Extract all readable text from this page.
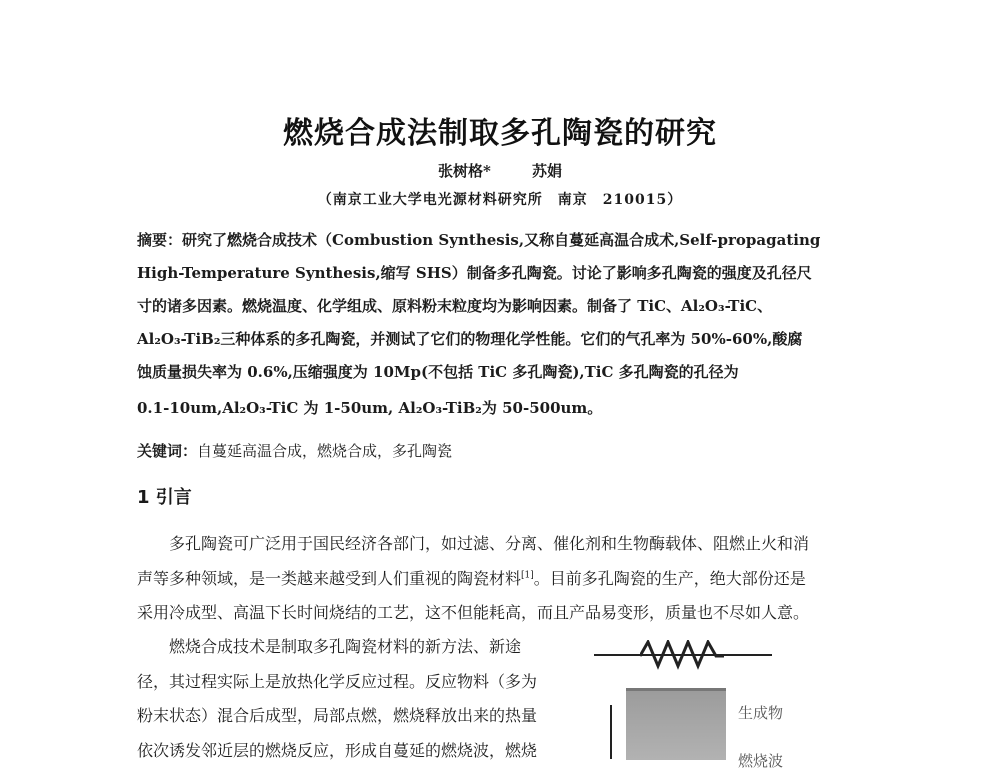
燃烧合成法制取多孔陶瓷的研究
张树格*	苏娟
（南京工业大学电光源材料研究所　南京　210015）
摘要：研究了燃烧合成技术（Combustion Synthesis,又称自蔓延高温合成术,Self-propagating
High-Temperature Synthesis,缩写 SHS）制备多孔陶瓷。讨论了影响多孔陶瓷的强度及孔径尺
寸的诸多因素。燃烧温度、化学组成、原料粉末粒度均为影响因素。制备了 TiC、Al₂O₃-TiC、
Al₂O₃-TiB₂三种体系的多孔陶瓷，并测试了它们的物理化学性能。它们的气孔率为 50%-60%,酸腐
蚀质量损失率为 0.6%,压缩强度为 10Mp(不包括 TiC 多孔陶瓷),TiC 多孔陶瓷的孔径为
0.1-10um,Al₂O₃-TiC 为 1-50um, Al₂O₃-TiB₂为 50-500um。
关键词：自蔓延高温合成，燃烧合成，多孔陶瓷
1 引言
　　多孔陶瓷可广泛用于国民经济各部门，如过滤、分离、催化剂和生物酶载体、阻燃止火和消
声等多种领域，是一类越来越受到人们重视的陶瓷材料[1]。目前多孔陶瓷的生产，绝大部份还是
采用冷成型、高温下长时间烧结的工艺，这不但能耗高，而且产品易变形，质量也不尽如人意。
　　燃烧合成技术是制取多孔陶瓷材料的新方法、新途
径，其过程实际上是放热化学反应过程。反应物料（多为
粉末状态）混合后成型，局部点燃，燃烧释放出来的热量
依次诱发邻近层的燃烧反应，形成自蔓延的燃烧波，燃烧
生成物
燃烧波
